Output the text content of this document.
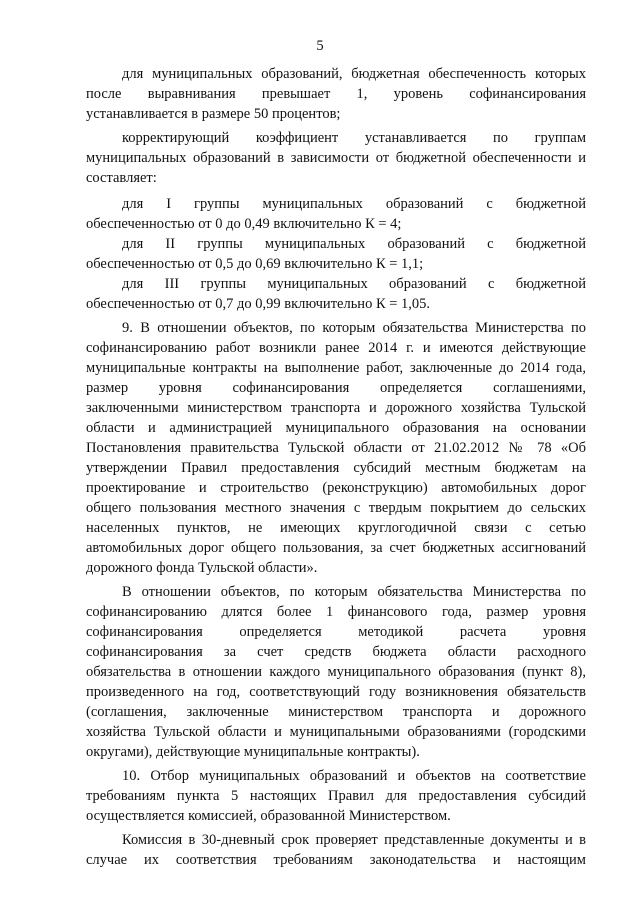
5
для муниципальных образований, бюджетная обеспеченность которых
после выравнивания превышает 1, уровень софинансирования
устанавливается в размере 50 процентов;
корректирующий коэффициент устанавливается по группам
муниципальных образований в зависимости от бюджетной обеспеченности и
составляет:
для I группы муниципальных образований с бюджетной
обеспеченностью от 0 до 0,49 включительно К = 4;
для II группы муниципальных образований с бюджетной
обеспеченностью от 0,5 до 0,69 включительно К = 1,1;
для III группы муниципальных образований с бюджетной
обеспеченностью от 0,7 до 0,99 включительно К = 1,05.
9. В отношении объектов, по которым обязательства Министерства по
софинансированию работ возникли ранее 2014 г. и имеются действующие
муниципальные контракты на выполнение работ, заключенные до 2014 года,
размер уровня софинансирования определяется соглашениями,
заключенными министерством транспорта и дорожного хозяйства Тульской
области и администрацией муниципального образования на основании
Постановления правительства Тульской области от 21.02.2012 № 78 «Об
утверждении Правил предоставления субсидий местным бюджетам на
проектирование и строительство (реконструкцию) автомобильных дорог
общего пользования местного значения с твердым покрытием до сельских
населенных пунктов, не имеющих круглогодичной связи с сетью
автомобильных дорог общего пользования, за счет бюджетных ассигнований
дорожного фонда Тульской области».
В отношении объектов, по которым обязательства Министерства по
софинансированию длятся более 1 финансового года, размер уровня
софинансирования определяется методикой расчета уровня
софинансирования за счет средств бюджета области расходного
обязательства в отношении каждого муниципального образования (пункт 8),
произведенного на год, соответствующий году возникновения обязательств
(соглашения, заключенные министерством транспорта и дорожного
хозяйства Тульской области и муниципальными образованиями (городскими
округами), действующие муниципальные контракты).
10. Отбор муниципальных образований и объектов на соответствие
требованиям пункта 5 настоящих Правил для предоставления субсидий
осуществляется комиссией, образованной Министерством.
Комиссия в 30-дневный срок проверяет представленные документы и в
случае их соответствия требованиям законодательства и настоящим
